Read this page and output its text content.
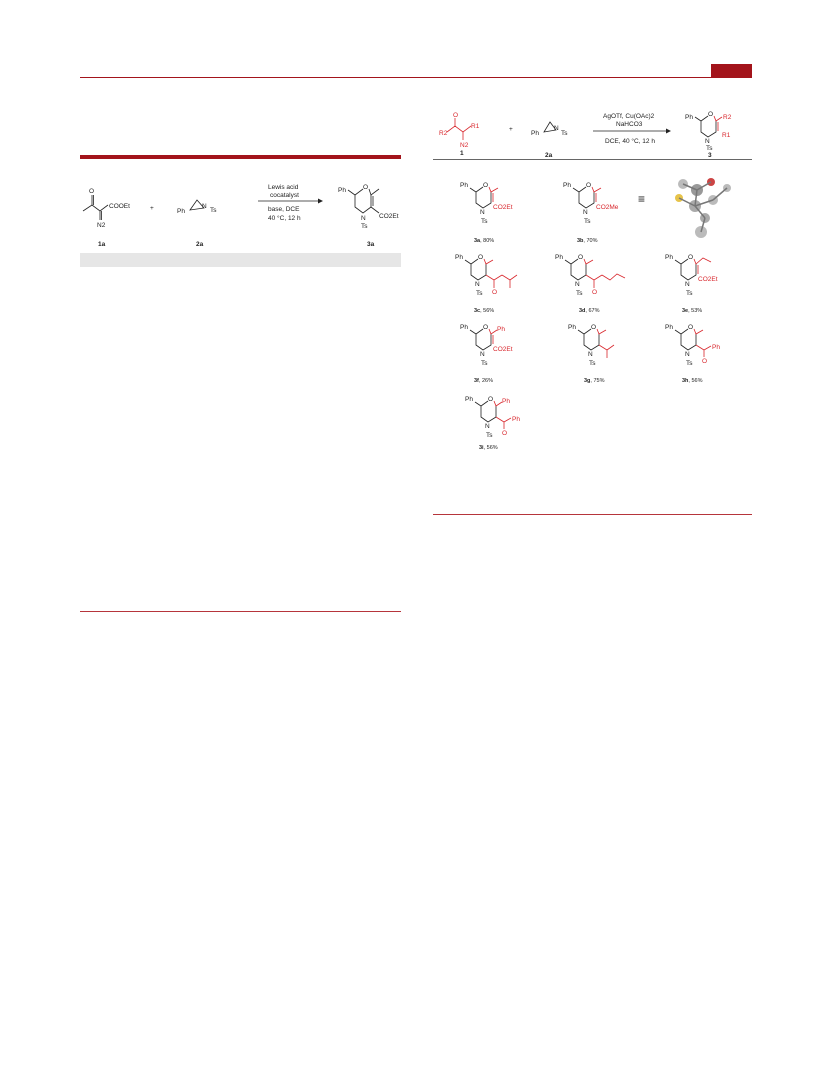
O
COOEt
N2
1a
+	Ph
N
Ts
2a
Lewis acid
cocatalyst
base, DCE
40 °C, 12 h
Ph	O
CO2Et
N
Ts
3a
O
R1
R2
N2
1
+
Ph
N
Ts
2a
AgOTf, Cu(OAc)2
NaHCO3
DCE, 40 °C, 12 h
Ph O R2
N
R1
Ts
3
Ph O
CO2Et
N
Ts
3a, 80%
Ph O
CO2Me
N
Ts
3b, 70%
≡
Ph O
O
N
Ts
3c, 56%
Ph O
O
N
Ts
3d, 67%
Ph O
CO2Et
N
Ts
3e, 53%
Ph O Ph
CO2Et
N
Ts
3f, 26%
Ph O
N
Ts
3g, 75%
Ph O
Ph
O
N
Ts
3h, 56%
Ph O Ph
Ph
O
N
Ts
3i, 56%
